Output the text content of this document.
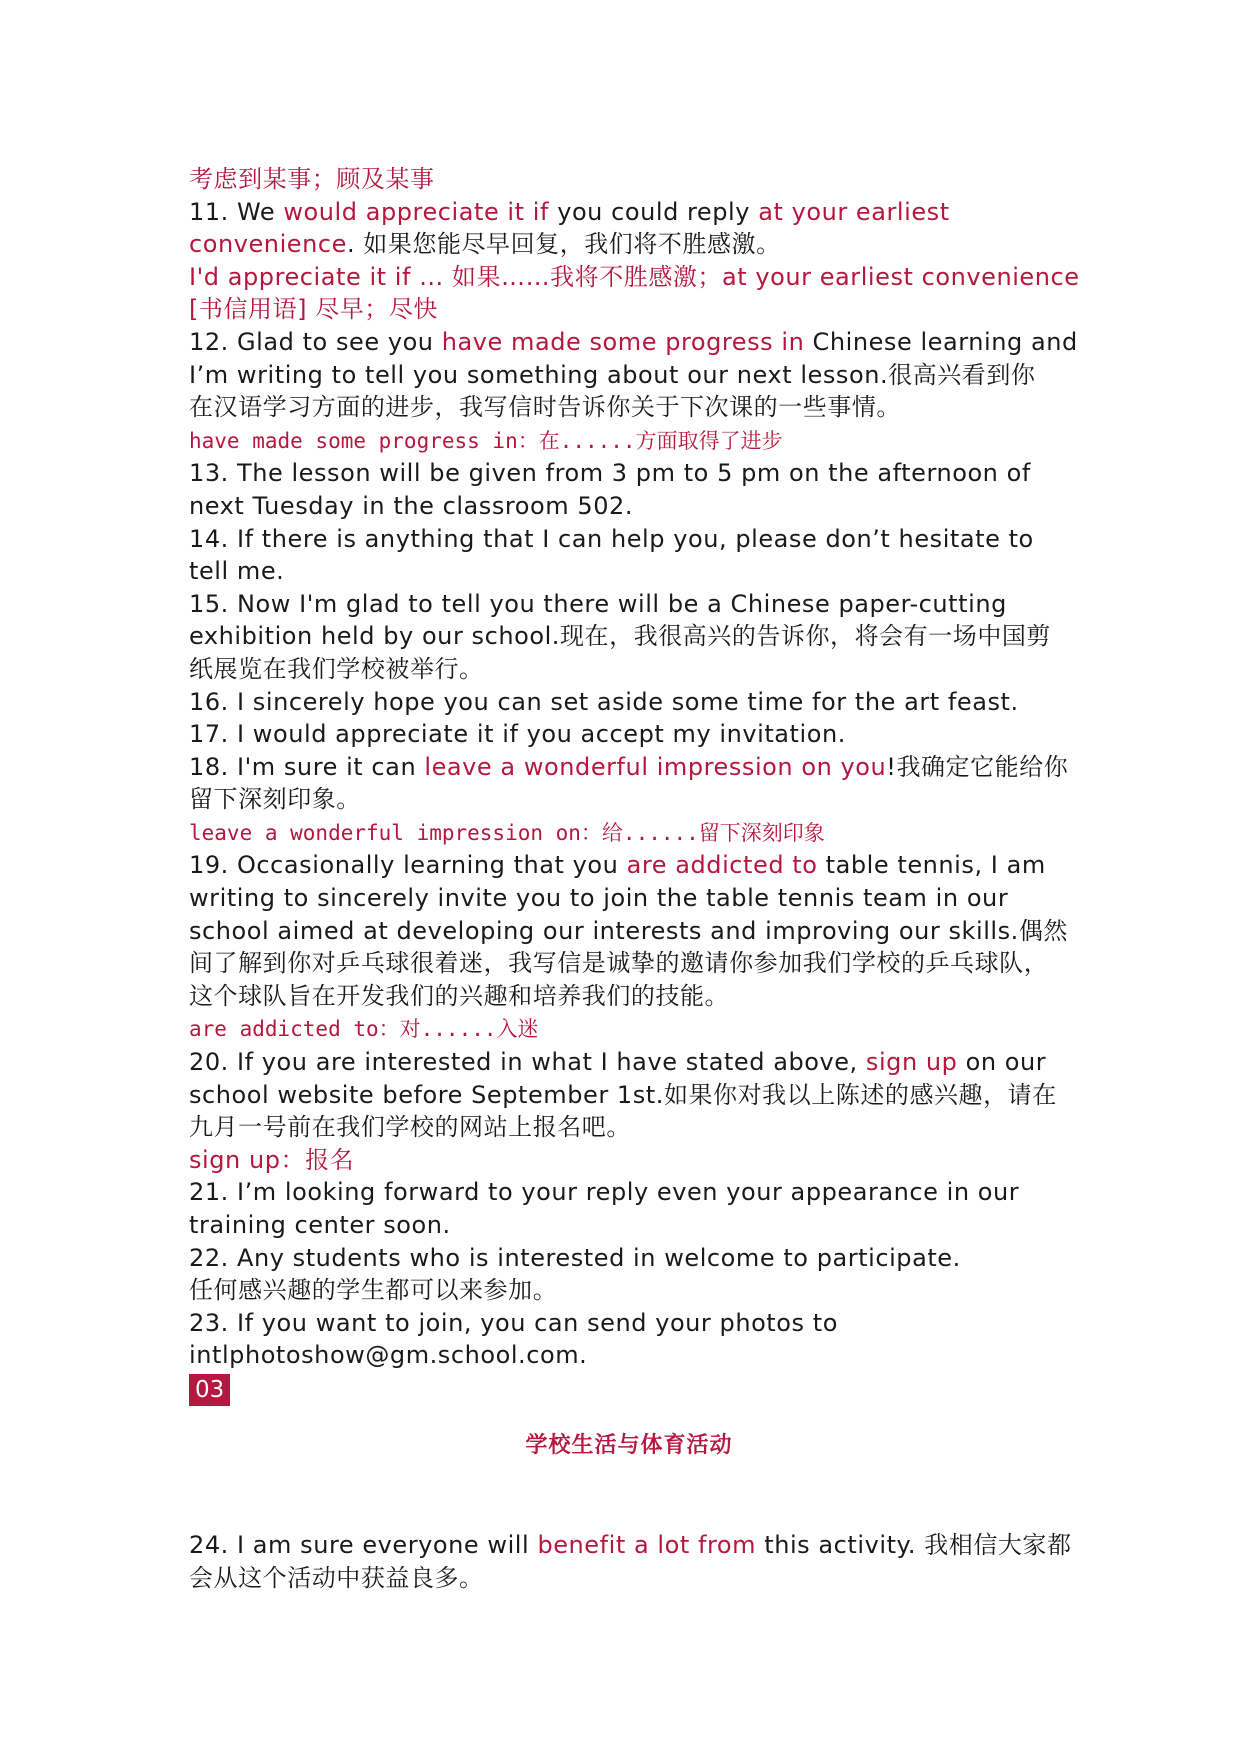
考虑到某事；顾及某事
11. We would appreciate it if you could reply at your earliest
convenience. 如果您能尽早回复，我们将不胜感激。
I'd appreciate it if ... 如果……我将不胜感激；at your earliest convenience
[书信用语] 尽早；尽快
12. Glad to see you have made some progress in Chinese learning and
I’m writing to tell you something about our next lesson.很高兴看到你
在汉语学习方面的进步，我写信时告诉你关于下次课的一些事情。
have made some progress in：在......方面取得了进步
13. The lesson will be given from 3 pm to 5 pm on the afternoon of
next Tuesday in the classroom 502.
14. If there is anything that I can help you, please don’t hesitate to
tell me.
15. Now I'm glad to tell you there will be a Chinese paper-cutting
exhibition held by our school.现在，我很高兴的告诉你，将会有一场中国剪
纸展览在我们学校被举行。
16. I sincerely hope you can set aside some time for the art feast.
17. I would appreciate it if you accept my invitation.
18. I'm sure it can leave a wonderful impression on you!我确定它能给你
留下深刻印象。
leave a wonderful impression on：给......留下深刻印象
19. Occasionally learning that you are addicted to table tennis, I am
writing to sincerely invite you to join the table tennis team in our
school aimed at developing our interests and improving our skills.偶然
间了解到你对乒乓球很着迷，我写信是诚挚的邀请你参加我们学校的乒乓球队，
这个球队旨在开发我们的兴趣和培养我们的技能。
are addicted to：对......入迷
20. If you are interested in what I have stated above, sign up on our
school website before September 1st.如果你对我以上陈述的感兴趣，请在
九月一号前在我们学校的网站上报名吧。
sign up：报名
21. I’m looking forward to your reply even your appearance in our
training center soon.
22. Any students who is interested in welcome to participate.
任何感兴趣的学生都可以来参加。
23. If you want to join, you can send your photos to
intlphotoshow@gm.school.com.
03
学校生活与体育活动
24. I am sure everyone will benefit a lot from this activity. 我相信大家都
会从这个活动中获益良多。
